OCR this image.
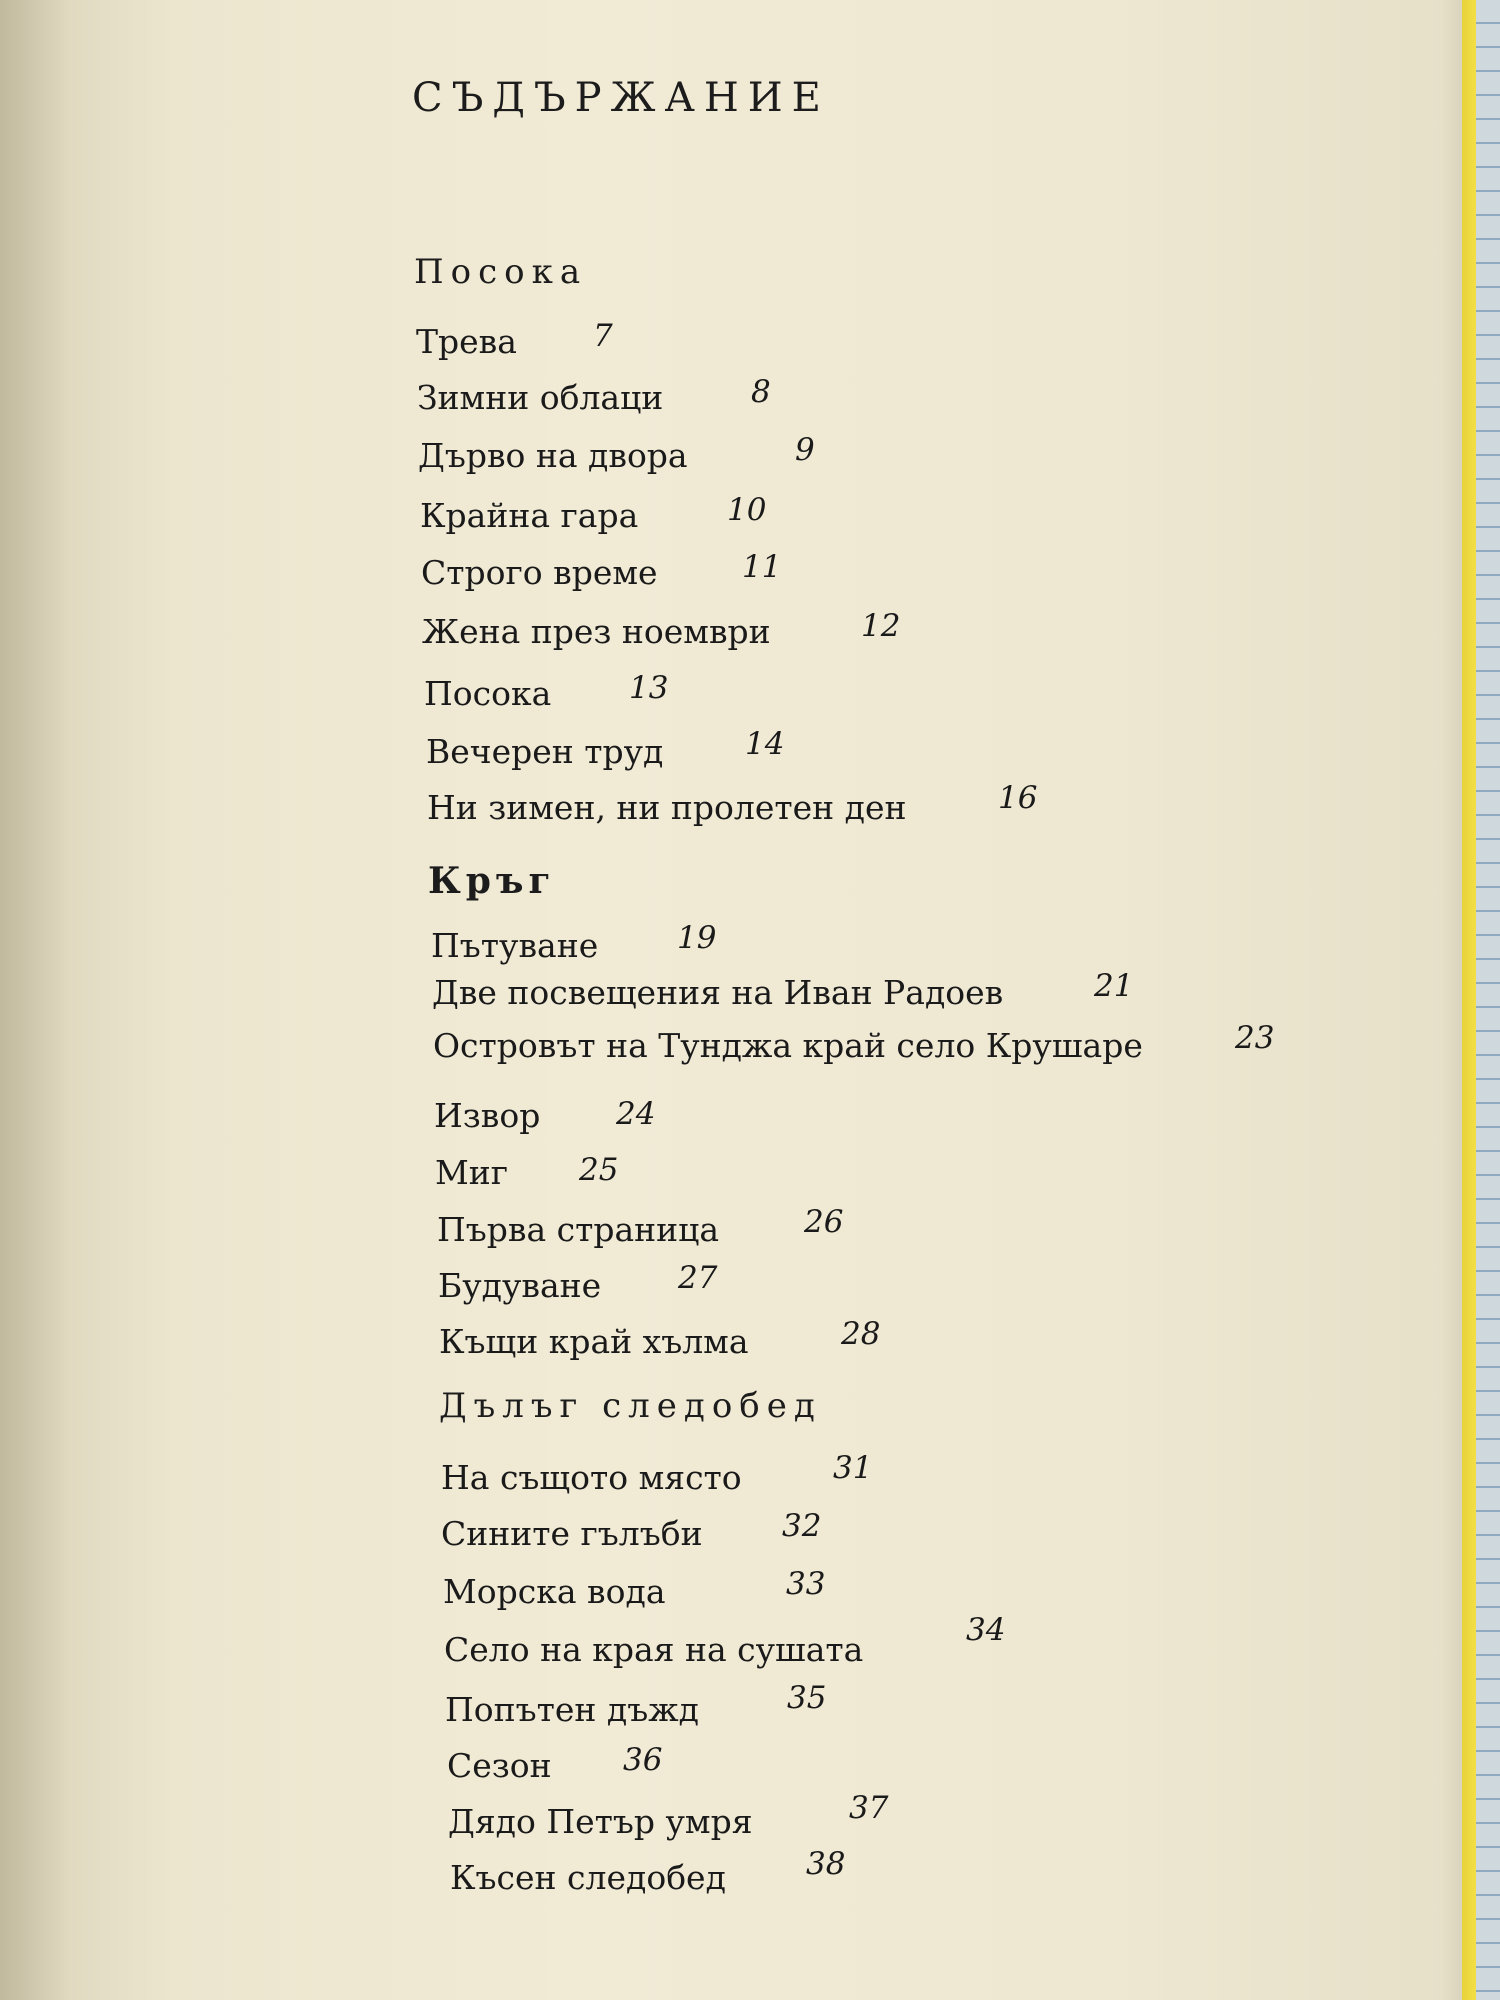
СЪДЪРЖАНИЕ
Посока
Кръг
Дълъг следобед
Трева 7
Зимни облаци	8
Дърво на двора	9
Крайна гара	10
Строго време	11
Жена през ноември	12
Посока	13
Вечерен труд	14
Ни зимен, ни пролетен ден	16
Пътуване	19
Две посвещения на Иван Радоев	21
Островът на Тунджа край село Крушаре	23
Извор 24
Миг 25
Първа страница	26
Будуване 27
Къщи край хълма	28
На същото място	31
Сините гълъби	32
Морска вода	33
Село на края на сушата	34
Попътен дъжд	35
Сезон 36
Дядо Петър умря	37
Късен следобед	38
